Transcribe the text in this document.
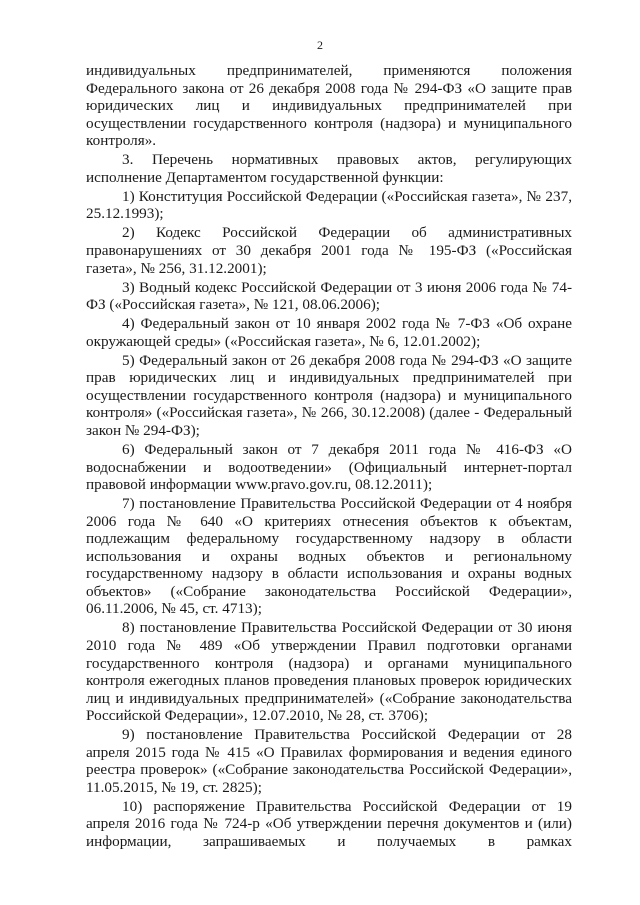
2

индивидуальных предпринимателей, применяются положения Федерального закона от 26 декабря 2008 года № 294-ФЗ «О защите прав юридических лиц и индивидуальных предпринимателей при осуществлении государственного контроля (надзора) и муниципального контроля».

3. Перечень нормативных правовых актов, регулирующих исполнение Департаментом государственной функции:

1) Конституция Российской Федерации («Российская газета», № 237, 25.12.1993);

2) Кодекс Российской Федерации об административных правонарушениях от 30 декабря 2001 года № 195-ФЗ («Российская газета», № 256, 31.12.2001);

3) Водный кодекс Российской Федерации от 3 июня 2006 года № 74-ФЗ («Российская газета», № 121, 08.06.2006);

4) Федеральный закон от 10 января 2002 года № 7-ФЗ «Об охране окружающей среды» («Российская газета», № 6, 12.01.2002);

5) Федеральный закон от 26 декабря 2008 года № 294-ФЗ «О защите прав юридических лиц и индивидуальных предпринимателей при осуществлении государственного контроля (надзора) и муниципального контроля» («Российская газета», № 266, 30.12.2008) (далее - Федеральный закон № 294-ФЗ);

6) Федеральный закон от 7 декабря 2011 года № 416-ФЗ «О водоснабжении и водоотведении» (Официальный интернет-портал правовой информации www.pravo.gov.ru, 08.12.2011);

7) постановление Правительства Российской Федерации от 4 ноября 2006 года № 640 «О критериях отнесения объектов к объектам, подлежащим федеральному государственному надзору в области использования и охраны водных объектов и региональному государственному надзору в области использования и охраны водных объектов» («Собрание законодательства Российской Федерации», 06.11.2006, № 45, ст. 4713);

8) постановление Правительства Российской Федерации от 30 июня 2010 года № 489 «Об утверждении Правил подготовки органами государственного контроля (надзора) и органами муниципального контроля ежегодных планов проведения плановых проверок юридических лиц и индивидуальных предпринимателей» («Собрание законодательства Российской Федерации», 12.07.2010, № 28, ст. 3706);

9) постановление Правительства Российской Федерации от 28 апреля 2015 года № 415 «О Правилах формирования и ведения единого реестра проверок» («Собрание законодательства Российской Федерации», 11.05.2015, № 19, ст. 2825);

10) распоряжение Правительства Российской Федерации от 19 апреля 2016 года № 724-р «Об утверждении перечня документов и (или) информации, запрашиваемых и получаемых в рамках
